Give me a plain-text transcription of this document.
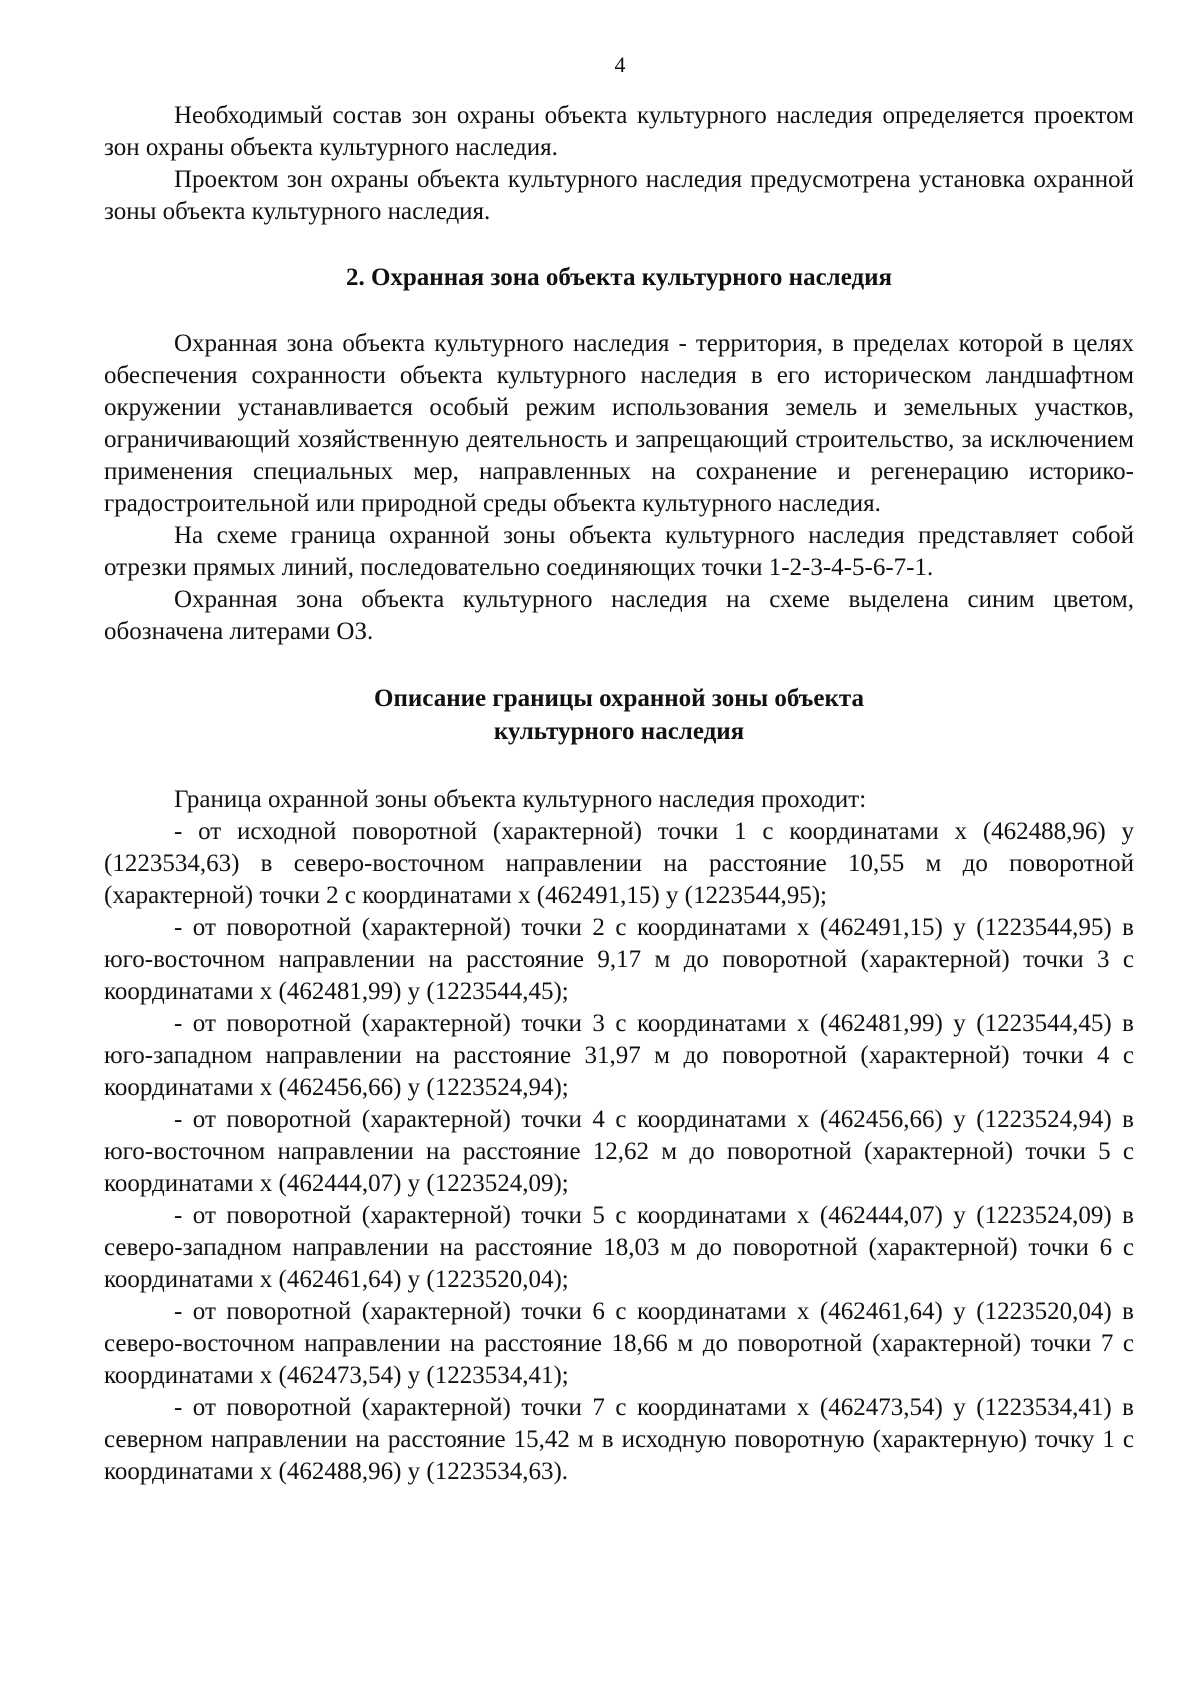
4

Необходимый состав зон охраны объекта культурного наследия определяется проектом зон охраны объекта культурного наследия.

Проектом зон охраны объекта культурного наследия предусмотрена установка охранной зоны объекта культурного наследия.

2. Охранная зона объекта культурного наследия

Охранная зона объекта культурного наследия - территория, в пределах которой в целях обеспечения сохранности объекта культурного наследия в его историческом ландшафтном окружении устанавливается особый режим использования земель и земельных участков, ограничивающий хозяйственную деятельность и запрещающий строительство, за исключением применения специальных мер, направленных на сохранение и регенерацию историко-градостроительной или природной среды объекта культурного наследия.

На схеме граница охранной зоны объекта культурного наследия представляет собой отрезки прямых линий, последовательно соединяющих точки 1-2-3-4-5-6-7-1.

Охранная зона объекта культурного наследия на схеме выделена синим цветом, обозначена литерами ОЗ.

Описание границы охранной зоны объекта
культурного наследия

Граница охранной зоны объекта культурного наследия проходит:

- от исходной поворотной (характерной) точки 1 с координатами х (462488,96) у (1223534,63) в северо-восточном направлении на расстояние 10,55 м до поворотной (характерной) точки 2 с координатами х (462491,15) у (1223544,95);

- от поворотной (характерной) точки 2 с координатами х (462491,15) у (1223544,95) в юго-восточном направлении на расстояние 9,17 м до поворотной (характерной) точки 3 с координатами х (462481,99) у (1223544,45);

- от поворотной (характерной) точки 3 с координатами х (462481,99) у (1223544,45) в юго-западном направлении на расстояние 31,97 м до поворотной (характерной) точки 4 с координатами х (462456,66) у (1223524,94);

- от поворотной (характерной) точки 4 с координатами х (462456,66) у (1223524,94) в юго-восточном направлении на расстояние 12,62 м до поворотной (характерной) точки 5 с координатами х (462444,07) у (1223524,09);

- от поворотной (характерной) точки 5 с координатами х (462444,07) у (1223524,09) в северо-западном направлении на расстояние 18,03 м до поворотной (характерной) точки 6 с координатами х (462461,64) у (1223520,04);

- от поворотной (характерной) точки 6 с координатами х (462461,64) у (1223520,04) в северо-восточном направлении на расстояние 18,66 м до поворотной (характерной) точки 7 с координатами х (462473,54) у (1223534,41);

- от поворотной (характерной) точки 7 с координатами х (462473,54) у (1223534,41) в северном направлении на расстояние 15,42 м в исходную поворотную (характерную) точку 1 с координатами х (462488,96) у (1223534,63).
